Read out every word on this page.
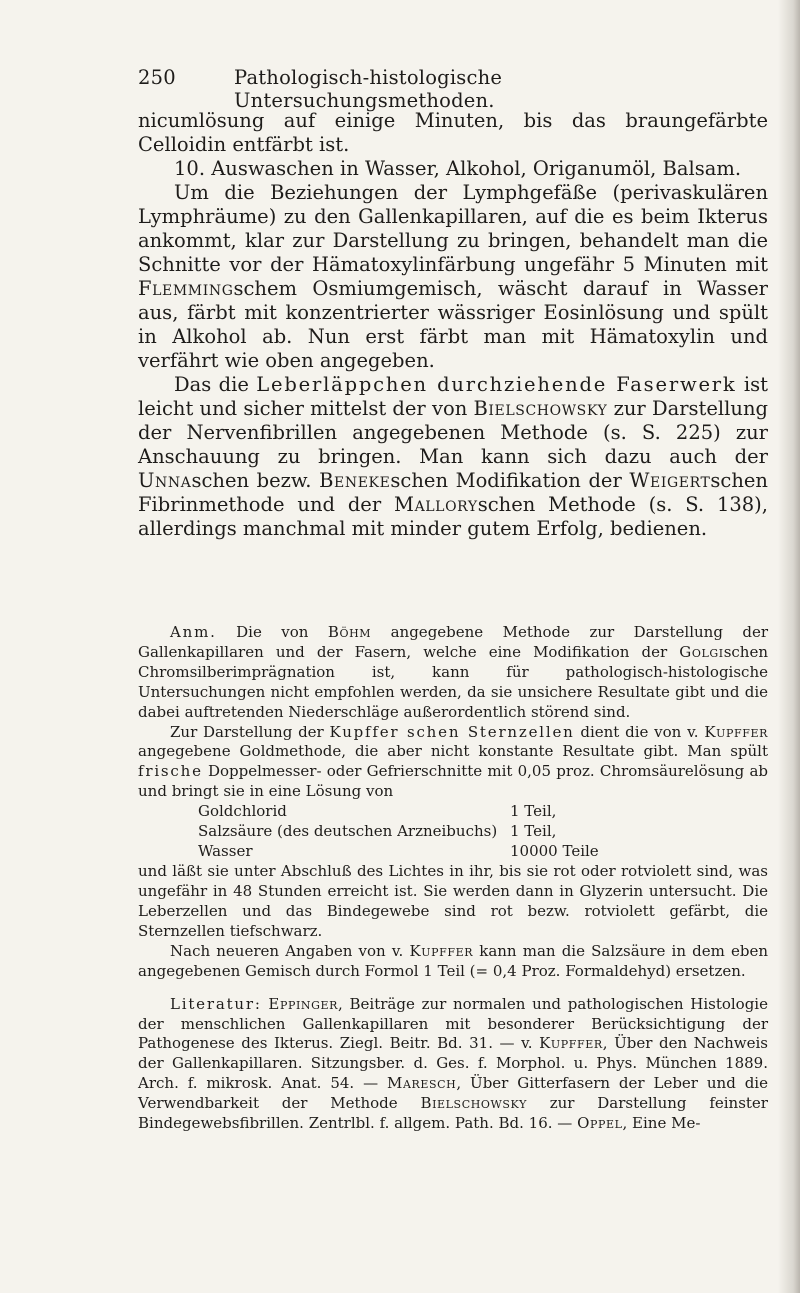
250	Pathologisch-histologische Untersuchungsmethoden.

nicumlösung auf einige Minuten, bis das braungefärbte Celloidin entfärbt ist.

10. Auswaschen in Wasser, Alkohol, Origanumöl, Balsam.

Um die Beziehungen der Lymphgefäße (perivaskulären Lymphräume) zu den Gallenkapillaren, auf die es beim Ikterus ankommt, klar zur Darstellung zu bringen, behandelt man die Schnitte vor der Hämatoxylinfärbung ungefähr 5 Minuten mit Flemmingschem Osmiumgemisch, wäscht darauf in Wasser aus, färbt mit konzentrierter wässriger Eosinlösung und spült in Alkohol ab. Nun erst färbt man mit Hämatoxylin und verfährt wie oben angegeben.

Das die Leberläppchen durchziehende Faserwerk ist leicht und sicher mittelst der von Bielschowsky zur Darstellung der Nervenfibrillen angegebenen Methode (s. S. 225) zur Anschauung zu bringen. Man kann sich dazu auch der Unnaschen bezw. Benekeschen Modifikation der Weigertschen Fibrinmethode und der Malloryschen Methode (s. S. 138), allerdings manchmal mit minder gutem Erfolg, bedienen.

Anm. Die von Böhm angegebene Methode zur Darstellung der Gallenkapillaren und der Fasern, welche eine Modifikation der Golgischen Chromsilberimprägnation ist, kann für pathologisch-histologische Untersuchungen nicht empfohlen werden, da sie unsichere Resultate gibt und die dabei auftretenden Niederschläge außerordentlich störend sind.

Zur Darstellung der Kupffer schen Sternzellen dient die von v. Kupffer angegebene Goldmethode, die aber nicht konstante Resultate gibt. Man spült frische Doppelmesser- oder Gefrierschnitte mit 0,05 proz. Chromsäurelösung ab und bringt sie in eine Lösung von

Goldchlorid	1 Teil,
Salzsäure (des deutschen Arzneibuchs) 1 Teil,
Wasser	10000 Teile

und läßt sie unter Abschluß des Lichtes in ihr, bis sie rot oder rotviolett sind, was ungefähr in 48 Stunden erreicht ist. Sie werden dann in Glyzerin untersucht. Die Leberzellen und das Bindegewebe sind rot bezw. rotviolett gefärbt, die Sternzellen tiefschwarz.

Nach neueren Angaben von v. Kupffer kann man die Salzsäure in dem eben angegebenen Gemisch durch Formol 1 Teil (= 0,4 Proz. Formaldehyd) ersetzen.

Literatur: Eppinger, Beiträge zur normalen und pathologischen Histologie der menschlichen Gallenkapillaren mit besonderer Berücksichtigung der Pathogenese des Ikterus. Ziegl. Beitr. Bd. 31. — v. Kupffer, Über den Nachweis der Gallenkapillaren. Sitzungsber. d. Ges. f. Morphol. u. Phys. München 1889. Arch. f. mikrosk. Anat. 54. — Maresch, Über Gitterfasern der Leber und die Verwendbarkeit der Methode Bielschowsky zur Darstellung feinster Bindegewebsfibrillen. Zentrlbl. f. allgem. Path. Bd. 16. — Oppel, Eine Me-
